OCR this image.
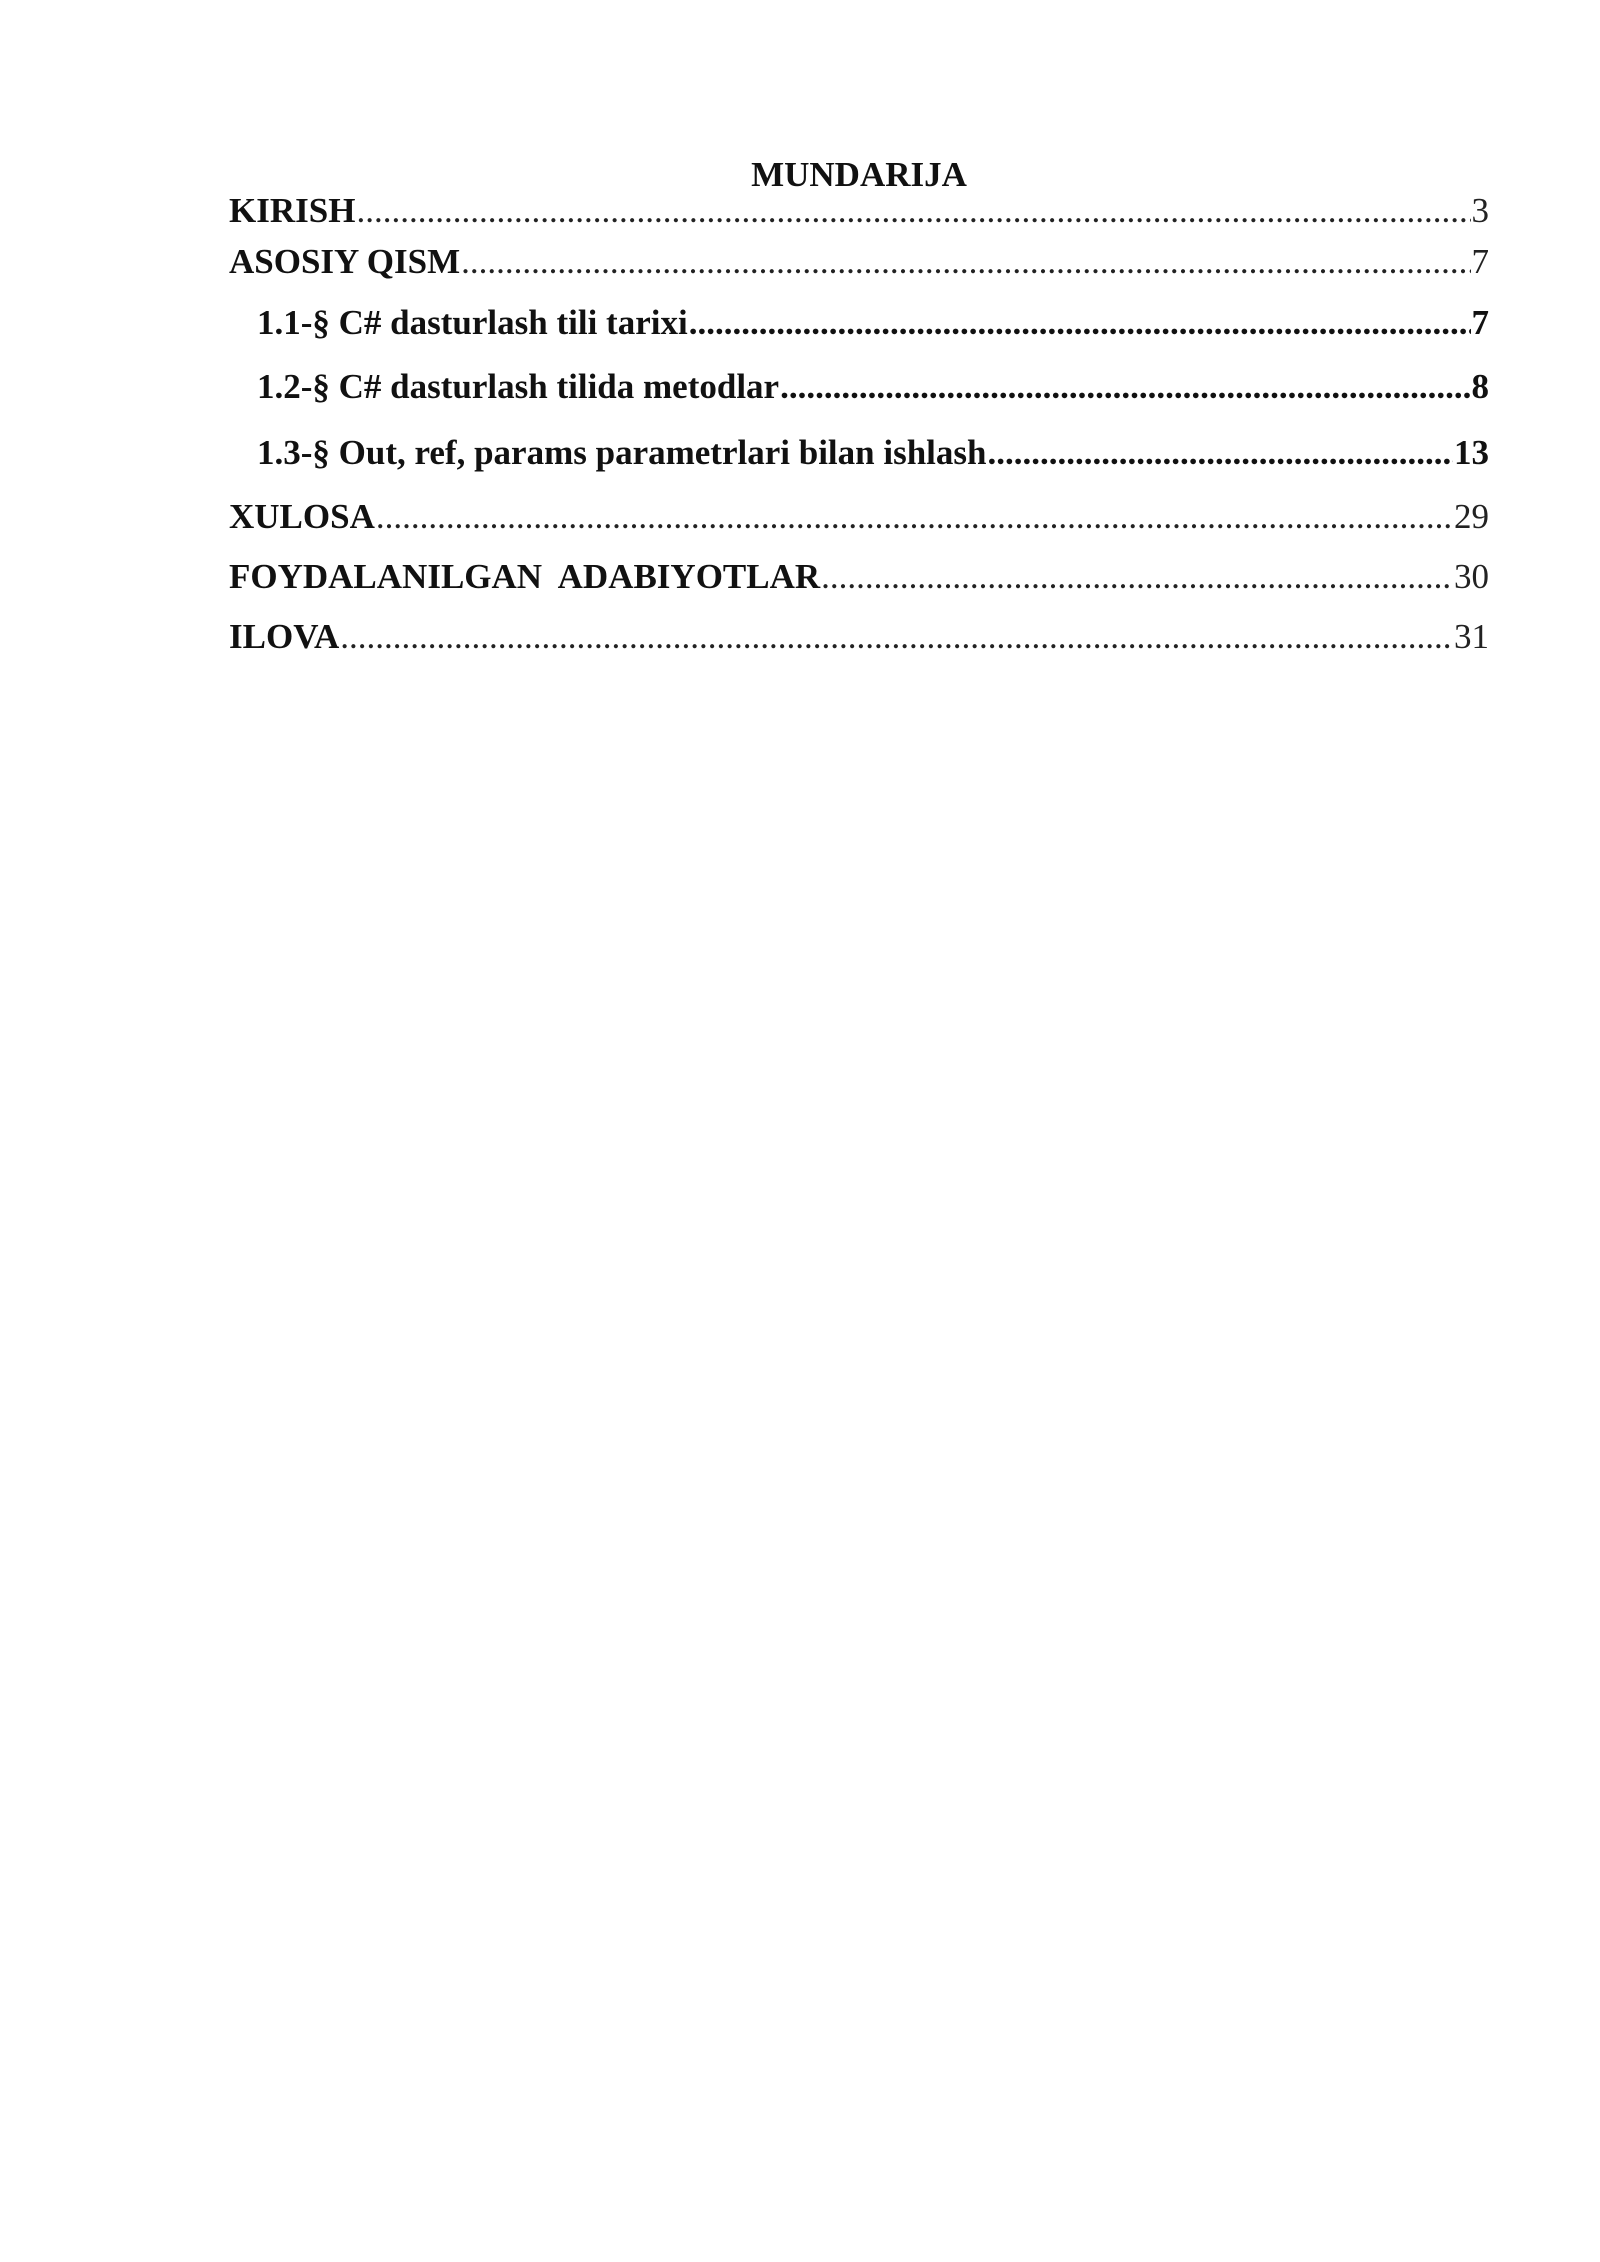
MUNDARIJA
KIRISH .....	3
ASOSIY QISM .....	7
1.1-§ C# dasturlash tili tarixi .....	7
1.2-§ C# dasturlash tilida metodlar .....	8
1.3-§ Out, ref, params parametrlari bilan ishlash .....	13
XULOSA .....	29
FOYDALANILGAN  ADABIYOTLAR .....	30
ILOVA .....	31
